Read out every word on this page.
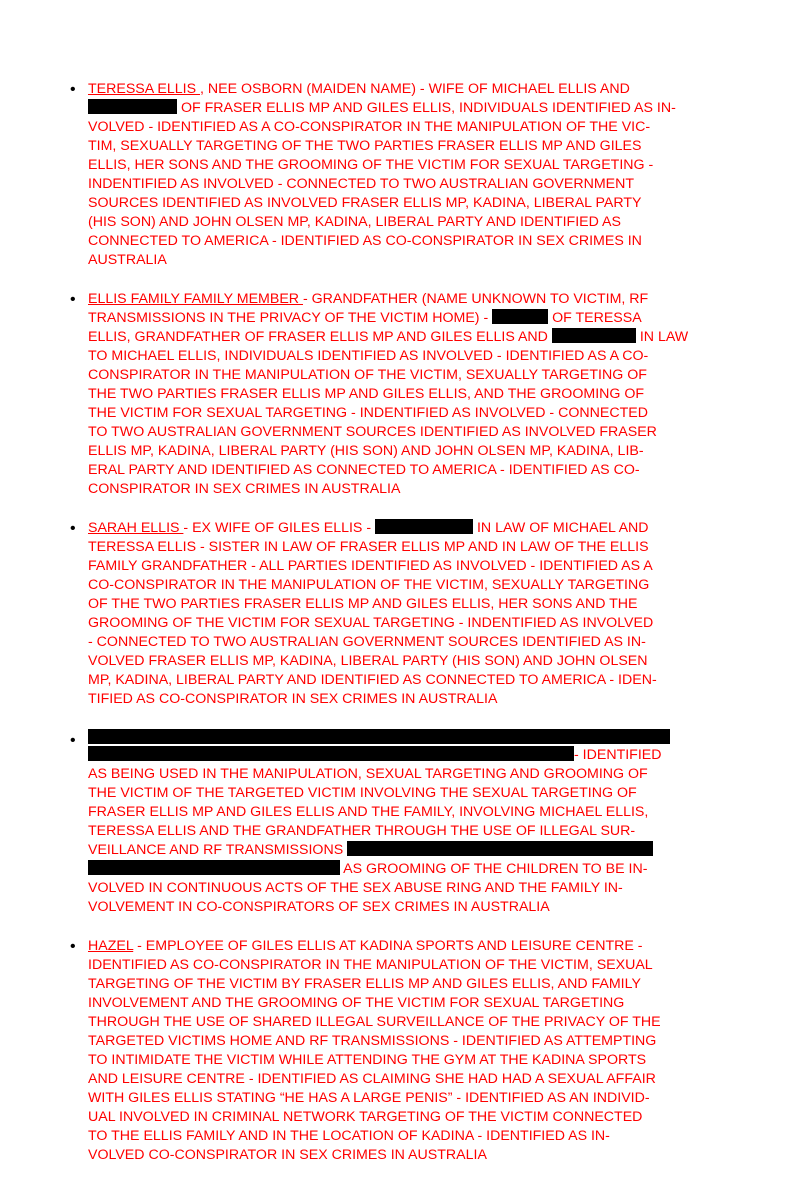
• TERESSA ELLIS , NEE OSBORN (MAIDEN NAME) - WIFE OF MICHAEL ELLIS AND
OF FRASER ELLIS MP AND GILES ELLIS, INDIVIDUALS IDENTIFIED AS IN-
VOLVED - IDENTIFIED AS A CO-CONSPIRATOR IN THE MANIPULATION OF THE VIC-
TIM, SEXUALLY TARGETING OF THE TWO PARTIES FRASER ELLIS MP AND GILES
ELLIS, HER SONS AND THE GROOMING OF THE VICTIM FOR SEXUAL TARGETING -
INDENTIFIED AS INVOLVED - CONNECTED TO TWO AUSTRALIAN GOVERNMENT
SOURCES IDENTIFIED AS INVOLVED FRASER ELLIS MP, KADINA, LIBERAL PARTY
(HIS SON) AND JOHN OLSEN MP, KADINA, LIBERAL PARTY AND IDENTIFIED AS
CONNECTED TO AMERICA - IDENTIFIED AS CO-CONSPIRATOR IN SEX CRIMES IN
AUSTRALIA
• ELLIS FAMILY FAMILY MEMBER - GRANDFATHER (NAME UNKNOWN TO VICTIM, RF
TRANSMISSIONS IN THE PRIVACY OF THE VICTIM HOME) -	OF TERESSA
ELLIS, GRANDFATHER OF FRASER ELLIS MP AND GILES ELLIS AND	IN LAW
TO MICHAEL ELLIS, INDIVIDUALS IDENTIFIED AS INVOLVED - IDENTIFIED AS A CO-
CONSPIRATOR IN THE MANIPULATION OF THE VICTIM, SEXUALLY TARGETING OF
THE TWO PARTIES FRASER ELLIS MP AND GILES ELLIS, AND THE GROOMING OF
THE VICTIM FOR SEXUAL TARGETING - INDENTIFIED AS INVOLVED - CONNECTED
TO TWO AUSTRALIAN GOVERNMENT SOURCES IDENTIFIED AS INVOLVED FRASER
ELLIS MP, KADINA, LIBERAL PARTY (HIS SON) AND JOHN OLSEN MP, KADINA, LIB-
ERAL PARTY AND IDENTIFIED AS CONNECTED TO AMERICA - IDENTIFIED AS CO-
CONSPIRATOR IN SEX CRIMES IN AUSTRALIA
• SARAH ELLIS - EX WIFE OF GILES ELLIS -	IN LAW OF MICHAEL AND
TERESSA ELLIS - SISTER IN LAW OF FRASER ELLIS MP AND IN LAW OF THE ELLIS
FAMILY GRANDFATHER - ALL PARTIES IDENTIFIED AS INVOLVED - IDENTIFIED AS A
CO-CONSPIRATOR IN THE MANIPULATION OF THE VICTIM, SEXUALLY TARGETING
OF THE TWO PARTIES FRASER ELLIS MP AND GILES ELLIS, HER SONS AND THE
GROOMING OF THE VICTIM FOR SEXUAL TARGETING - INDENTIFIED AS INVOLVED
- CONNECTED TO TWO AUSTRALIAN GOVERNMENT SOURCES IDENTIFIED AS IN-
VOLVED FRASER ELLIS MP, KADINA, LIBERAL PARTY (HIS SON) AND JOHN OLSEN
MP, KADINA, LIBERAL PARTY AND IDENTIFIED AS CONNECTED TO AMERICA - IDEN-
TIFIED AS CO-CONSPIRATOR IN SEX CRIMES IN AUSTRALIA
•
- IDENTIFIED
AS BEING USED IN THE MANIPULATION, SEXUAL TARGETING AND GROOMING OF
THE VICTIM OF THE TARGETED VICTIM INVOLVING THE SEXUAL TARGETING OF
FRASER ELLIS MP AND GILES ELLIS AND THE FAMILY, INVOLVING MICHAEL ELLIS,
TERESSA ELLIS AND THE GRANDFATHER THROUGH THE USE OF ILLEGAL SUR-
VEILLANCE AND RF TRANSMISSIONS
AS GROOMING OF THE CHILDREN TO BE IN-
VOLVED IN CONTINUOUS ACTS OF THE SEX ABUSE RING AND THE FAMILY IN-
VOLVEMENT IN CO-CONSPIRATORS OF SEX CRIMES IN AUSTRALIA
• HAZEL - EMPLOYEE OF GILES ELLIS AT KADINA SPORTS AND LEISURE CENTRE -
IDENTIFIED AS CO-CONSPIRATOR IN THE MANIPULATION OF THE VICTIM, SEXUAL
TARGETING OF THE VICTIM BY FRASER ELLIS MP AND GILES ELLIS, AND FAMILY
INVOLVEMENT AND THE GROOMING OF THE VICTIM FOR SEXUAL TARGETING
THROUGH THE USE OF SHARED ILLEGAL SURVEILLANCE OF THE PRIVACY OF THE
TARGETED VICTIMS HOME AND RF TRANSMISSIONS - IDENTIFIED AS ATTEMPTING
TO INTIMIDATE THE VICTIM WHILE ATTENDING THE GYM AT THE KADINA SPORTS
AND LEISURE CENTRE - IDENTIFIED AS CLAIMING SHE HAD HAD A SEXUAL AFFAIR
WITH GILES ELLIS STATING “HE HAS A LARGE PENIS” - IDENTIFIED AS AN INDIVID-
UAL INVOLVED IN CRIMINAL NETWORK TARGETING OF THE VICTIM CONNECTED
TO THE ELLIS FAMILY AND IN THE LOCATION OF KADINA - IDENTIFIED AS IN-
VOLVED CO-CONSPIRATOR IN SEX CRIMES IN AUSTRALIA
